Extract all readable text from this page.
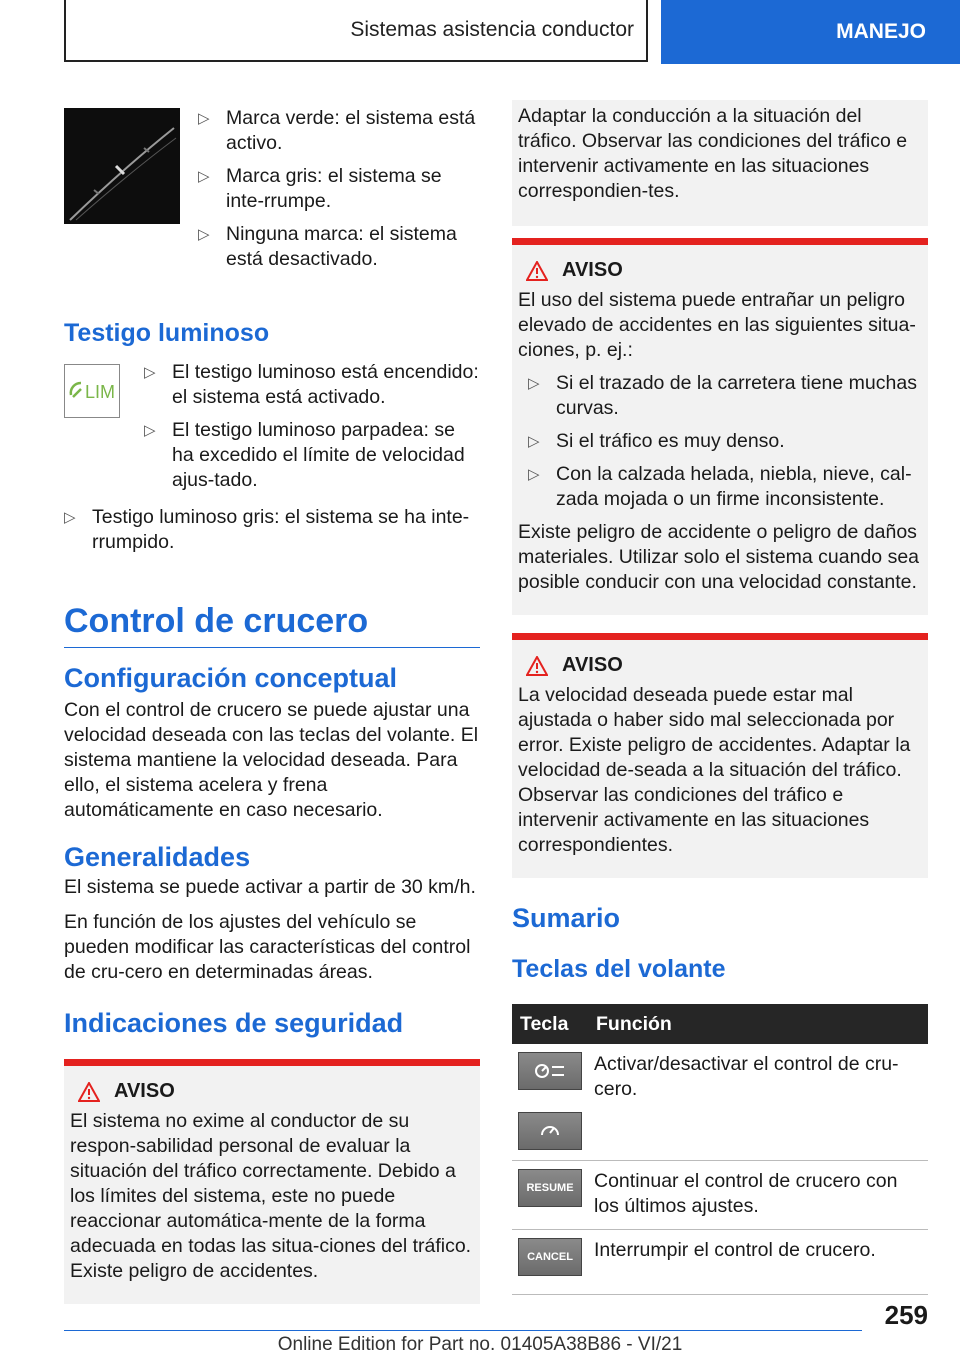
Sistemas asistencia conductor	MANEJO
▷ Marca verde: el sistema está activo.
▷ Marca gris: el sistema se inte-rrumpe.
▷ Ninguna marca: el sistema está desactivado.
Testigo luminoso
LIM
▷ El testigo luminoso está encendido: el sistema está activado.
▷ El testigo luminoso parpadea: se ha excedido el límite de velocidad ajus-tado.
▷ Testigo luminoso gris: el sistema se ha inte-rrumpido.
Control de crucero
Configuración conceptual

Con el control de crucero se puede ajustar una velocidad deseada con las teclas del volante. El sistema mantiene la velocidad deseada. Para ello, el sistema acelera y frena automáticamente en caso necesario.

Generalidades

El sistema se puede activar a partir de 30 km/h.

En función de los ajustes del vehículo se pueden modificar las características del control de cru-cero en determinadas áreas.

Indicaciones de seguridad
AVISO

El sistema no exime al conductor de su respon-sabilidad personal de evaluar la situación del tráfico correctamente. Debido a los límites del sistema, este no puede reaccionar automática-mente de la forma adecuada en todas las situa-ciones del tráfico. Existe peligro de accidentes.

Adaptar la conducción a la situación del tráfico. Observar las condiciones del tráfico e intervenir activamente en las situaciones correspondien-tes.

AVISO

El uso del sistema puede entrañar un peligro elevado de accidentes en las siguientes situa-ciones, p. ej.:

▷ Si el trazado de la carretera tiene muchas curvas.
▷ Si el tráfico es muy denso.
▷ Con la calzada helada, niebla, nieve, cal-zada mojada o un firme inconsistente.

Existe peligro de accidente o peligro de daños materiales. Utilizar solo el sistema cuando sea posible conducir con una velocidad constante.

AVISO

La velocidad deseada puede estar mal ajustada o haber sido mal seleccionada por error. Existe peligro de accidentes. Adaptar la velocidad de-seada a la situación del tráfico. Observar las condiciones del tráfico e intervenir activamente en las situaciones correspondientes.

Sumario
Teclas del volante
Tecla	Función

	Activar/desactivar el control de cru-cero.

RESUME	Continuar el control de crucero con los últimos ajustes.

CANCEL	Interrumpir el control de crucero.
259
Online Edition for Part no. 01405A38B86 - VI/21
